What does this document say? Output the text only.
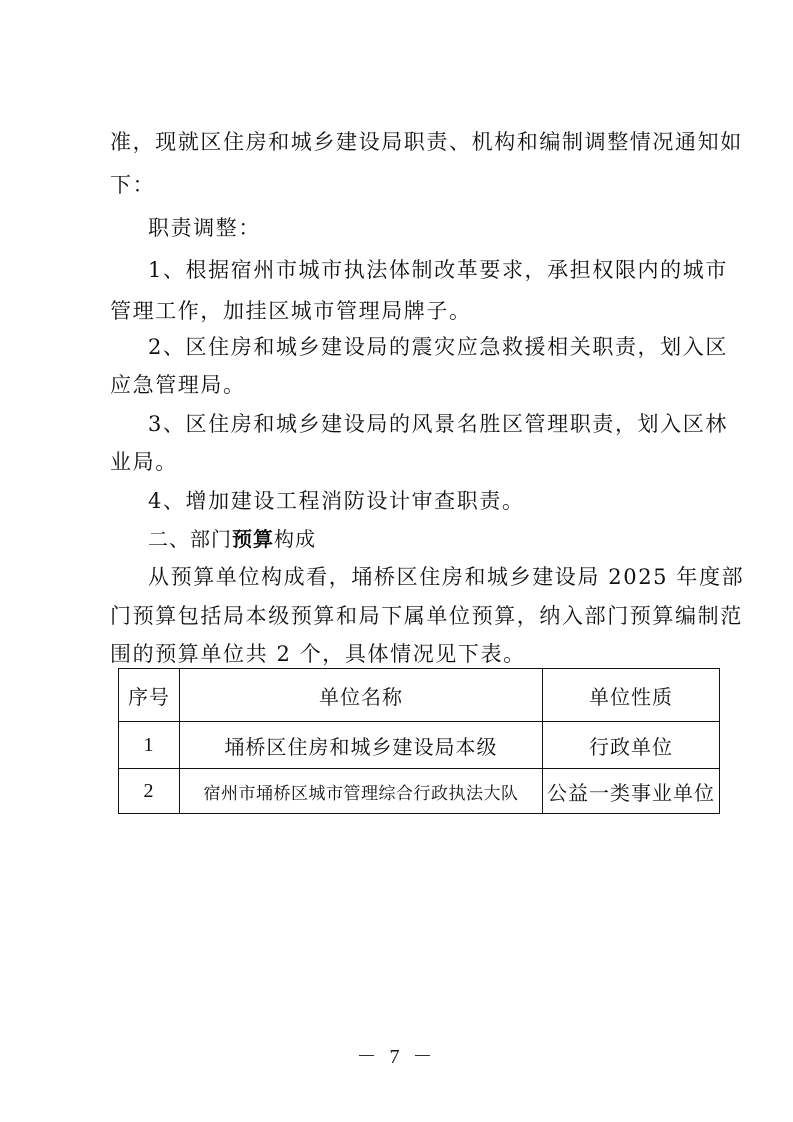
准，现就区住房和城乡建设局职责、机构和编制调整情况通知如
下：
职责调整：
1、根据宿州市城市执法体制改革要求，承担权限内的城市
管理工作，加挂区城市管理局牌子。
2、区住房和城乡建设局的震灾应急救援相关职责，划入区
应急管理局。
3、区住房和城乡建设局的风景名胜区管理职责，划入区林
业局。
4、增加建设工程消防设计审查职责。
二、部门预算构成
从预算单位构成看，埇桥区住房和城乡建设局 2025 年度部
门预算包括局本级预算和局下属单位预算，纳入部门预算编制范
围的预算单位共 2 个，具体情况见下表。
序号	单位名称	单位性质
1	埇桥区住房和城乡建设局本级	行政单位
2	宿州市埇桥区城市管理综合行政执法大队	公益一类事业单位
－ 7 －
